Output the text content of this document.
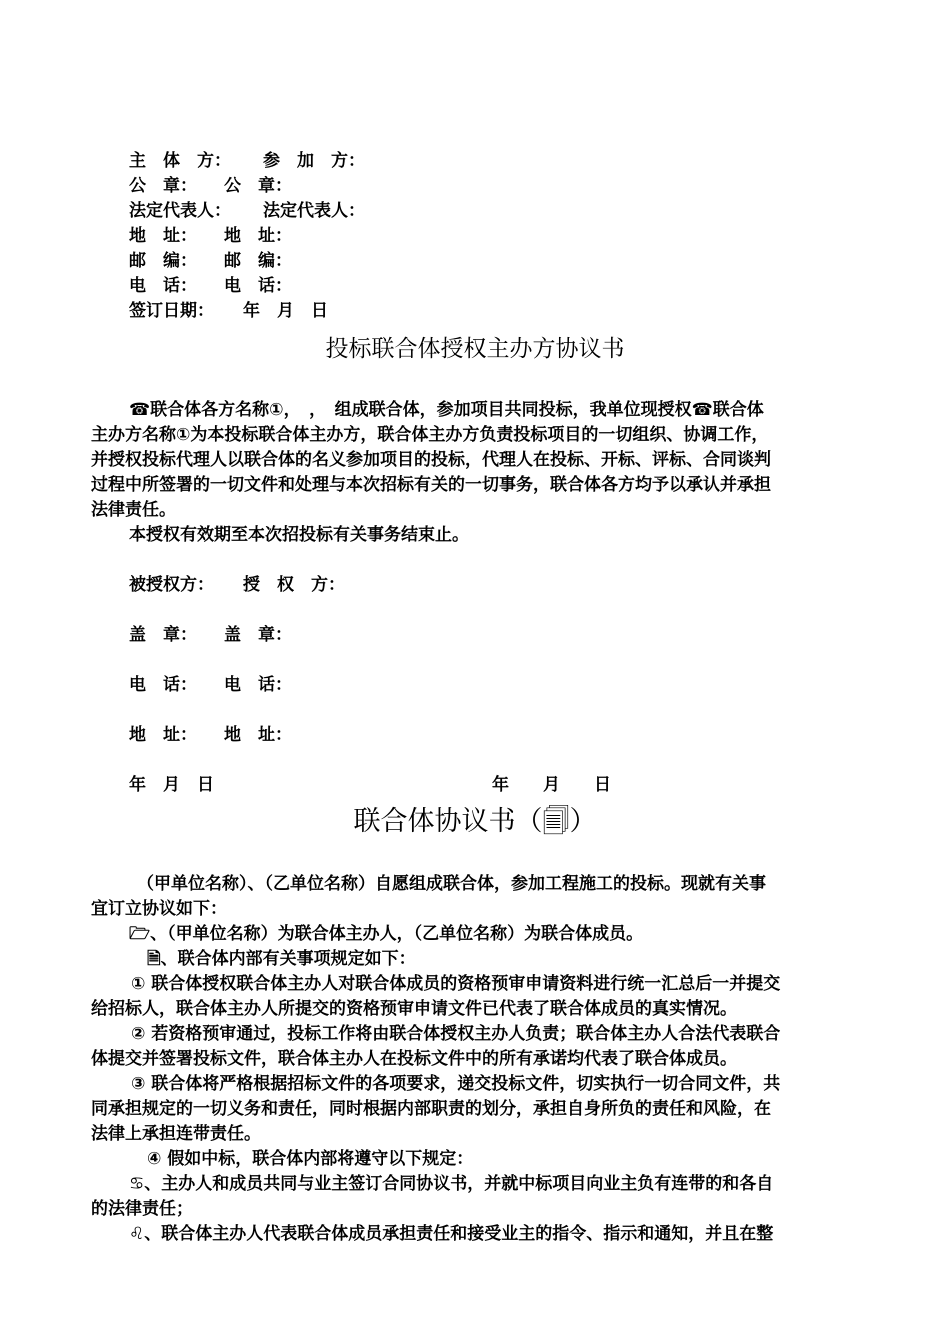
主　体　方： 参　加　方：
公　章： 公　章：
法定代表人： 法定代表人：
地　址： 地　址：
邮　编： 邮　编：
电　话： 电　话：
签订日期： 年　月　日
投标联合体授权主办方协议书
☎联合体各方名称①，　，　组成联合体，参加项目共同投标，我单位现授权☎联合体
主办方名称①为本投标联合体主办方，联合体主办方负责投标项目的一切组织、协调工作，
并授权投标代理人以联合体的名义参加项目的投标，代理人在投标、开标、评标、合同谈判
过程中所签署的一切文件和处理与本次招标有关的一切事务，联合体各方均予以承认并承担
法律责任。
本授权有效期至本次招投标有关事务结束止。
被授权方： 授　权　方：
盖　章： 盖　章：
电　话： 电　话：
地　址： 地　址：
年　月　日	年　　月　　日
联合体协议书（🗐）
（甲单位名称）、（乙单位名称）自愿组成联合体，参加工程施工的投标。现就有关事
宜订立协议如下：
🗁、（甲单位名称）为联合体主办人，（乙单位名称）为联合体成员。
🗎、联合体内部有关事项规定如下：
① 联合体授权联合体主办人对联合体成员的资格预审申请资料进行统一汇总后一并提交
给招标人，联合体主办人所提交的资格预审申请文件已代表了联合体成员的真实情况。
② 若资格预审通过，投标工作将由联合体授权主办人负责；联合体主办人合法代表联合
体提交并签署投标文件，联合体主办人在投标文件中的所有承诺均代表了联合体成员。
③ 联合体将严格根据招标文件的各项要求，递交投标文件，切实执行一切合同文件，共
同承担规定的一切义务和责任，同时根据内部职责的划分，承担自身所负的责任和风险，在
法律上承担连带责任。
④ 假如中标，联合体内部将遵守以下规定：
♋、主办人和成员共同与业主签订合同协议书，并就中标项目向业主负有连带的和各自
的法律责任；
♌、联合体主办人代表联合体成员承担责任和接受业主的指令、指示和通知，并且在整
